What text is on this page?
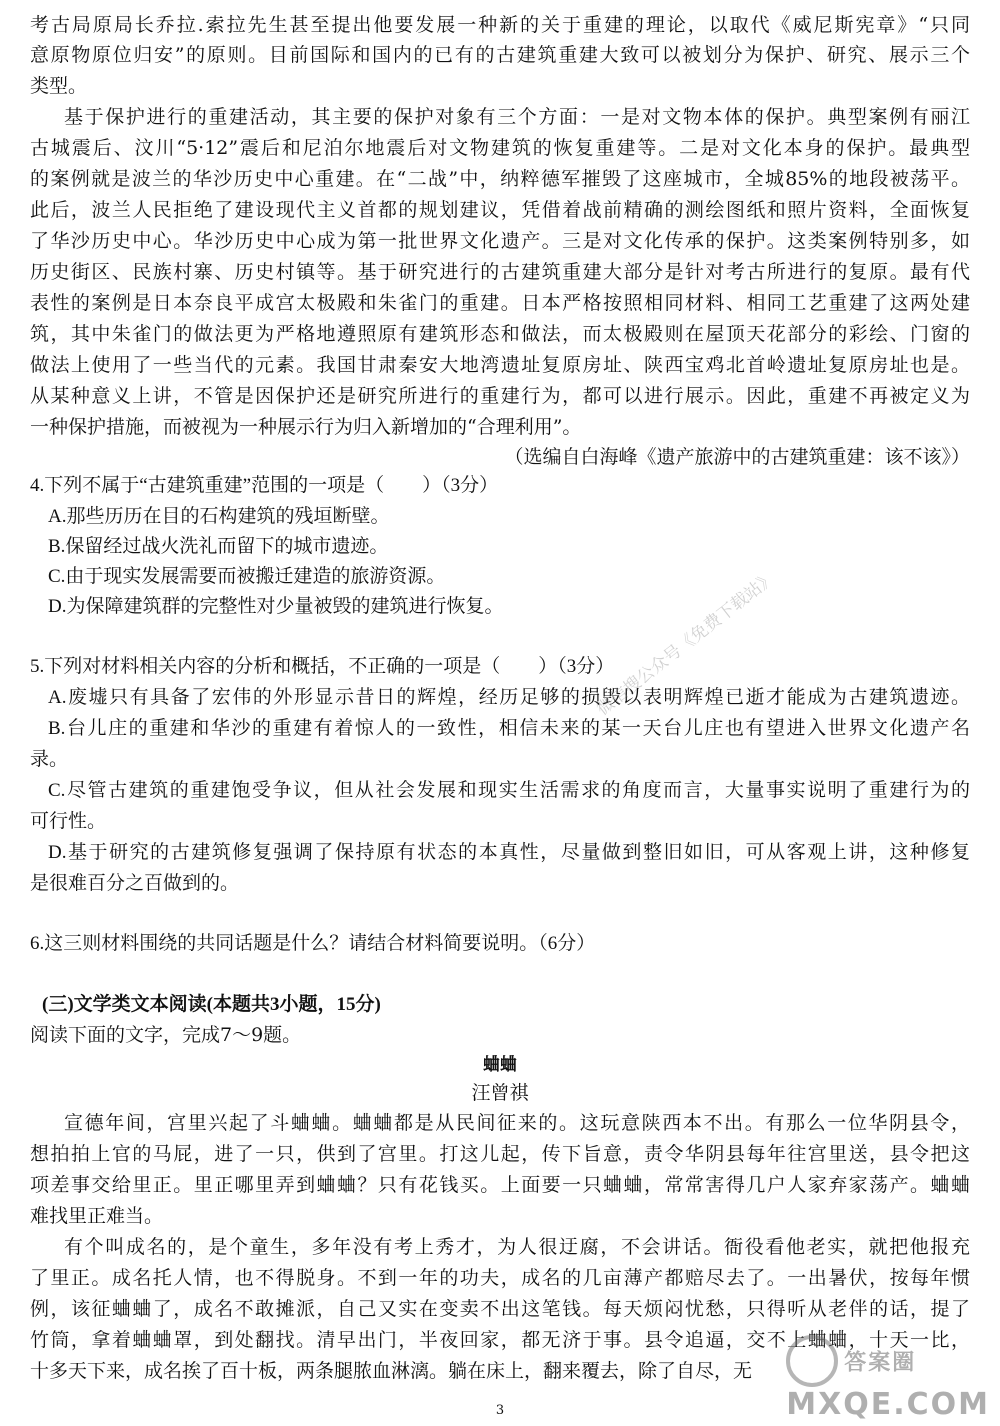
考古局原局长乔拉.索拉先生甚至提出他要发展一种新的关于重建的理论，以取代《威尼斯宪章》“只同
意原物原位归安”的原则。目前国际和国内的已有的古建筑重建大致可以被划分为保护、研究、展示三个
类型。
基于保护进行的重建活动，其主要的保护对象有三个方面：一是对文物本体的保护。典型案例有丽江
古城震后、汶川“5·12”震后和尼泊尔地震后对文物建筑的恢复重建等。二是对文化本身的保护。最典型
的案例就是波兰的华沙历史中心重建。在“二战”中，纳粹德军摧毁了这座城市，全城85%的地段被荡平。
此后，波兰人民拒绝了建设现代主义首都的规划建议，凭借着战前精确的测绘图纸和照片资料，全面恢复
了华沙历史中心。华沙历史中心成为第一批世界文化遗产。三是对文化传承的保护。这类案例特别多，如
历史街区、民族村寨、历史村镇等。基于研究进行的古建筑重建大部分是针对考古所进行的复原。最有代
表性的案例是日本奈良平成宫太极殿和朱雀门的重建。日本严格按照相同材料、相同工艺重建了这两处建
筑，其中朱雀门的做法更为严格地遵照原有建筑形态和做法，而太极殿则在屋顶天花部分的彩绘、门窗的
做法上使用了一些当代的元素。我国甘肃秦安大地湾遗址复原房址、陕西宝鸡北首岭遗址复原房址也是。
从某种意义上讲，不管是因保护还是研究所进行的重建行为，都可以进行展示。因此，重建不再被定义为
一种保护措施，而被视为一种展示行为归入新增加的“合理利用”。
（选编自白海峰《遗产旅游中的古建筑重建：该不该》）
4.下列不属于“古建筑重建”范围的一项是（　　）（3分）
A.那些历历在目的石构建筑的残垣断壁。
B.保留经过战火洗礼而留下的城市遗迹。
C.由于现实发展需要而被搬迁建造的旅游资源。
D.为保障建筑群的完整性对少量被毁的建筑进行恢复。
5.下列对材料相关内容的分析和概括，不正确的一项是（　　）（3分）
A.废墟只有具备了宏伟的外形显示昔日的辉煌，经历足够的损毁以表明辉煌已逝才能成为古建筑遗迹。
B.台儿庄的重建和华沙的重建有着惊人的一致性，相信未来的某一天台儿庄也有望进入世界文化遗产名
录。
C.尽管古建筑的重建饱受争议，但从社会发展和现实生活需求的角度而言，大量事实说明了重建行为的
可行性。
D.基于研究的古建筑修复强调了保持原有状态的本真性，尽量做到整旧如旧，可从客观上讲，这种修复
是很难百分之百做到的。
6.这三则材料围绕的共同话题是什么？请结合材料简要说明。（6分）
(三)文学类文本阅读(本题共3小题，15分)
阅读下面的文字，完成7～9题。
蛐蛐
汪曾祺
宣德年间，宫里兴起了斗蛐蛐。蛐蛐都是从民间征来的。这玩意陕西本不出。有那么一位华阴县令，
想拍拍上官的马屁，进了一只，供到了宫里。打这儿起，传下旨意，责令华阴县每年往宫里送，县令把这
项差事交给里正。里正哪里弄到蛐蛐？只有花钱买。上面要一只蛐蛐，常常害得几户人家弃家荡产。蛐蛐
难找里正难当。
有个叫成名的，是个童生，多年没有考上秀才，为人很迂腐，不会讲话。衙役看他老实，就把他报充
了里正。成名托人情，也不得脱身。不到一年的功夫，成名的几亩薄产都赔尽去了。一出暑伏，按每年惯
例，该征蛐蛐了，成名不敢摊派，自己又实在变卖不出这笔钱。每天烦闷忧愁，只得听从老伴的话，提了
竹筒，拿着蛐蛐罩，到处翻找。清早出门，半夜回家，都无济于事。县令追逼，交不上蛐蛐，十天一比，
十多天下来，成名挨了百十板，两条腿脓血淋漓。躺在床上，翻来覆去，除了自尽，无
微信搜公众号《免费下载站》
答案圈
MXQE.COM
3
